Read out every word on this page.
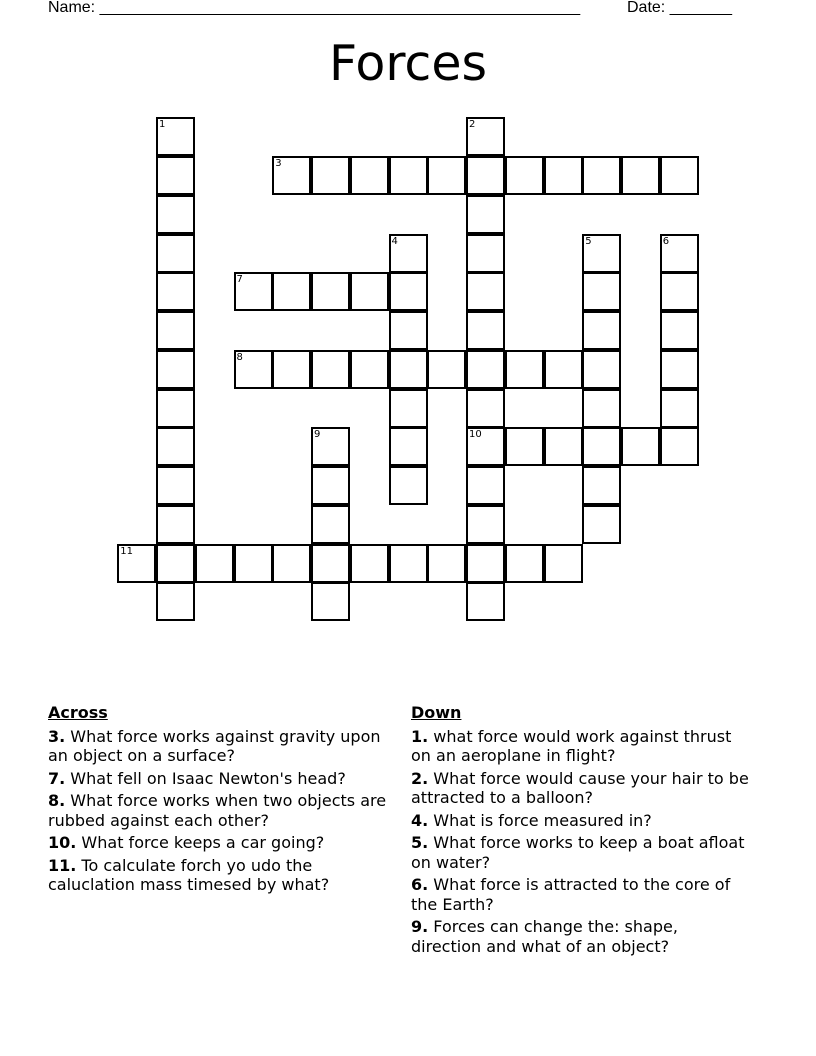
Name: ______________________________________________________	Date: _______
Forces
1	2
10
3
4	5	6
7
8
9
11
Across
3. What force works against gravity upon an object on a surface?
7. What fell on Isaac Newton's head?
8. What force works when two objects are rubbed against each other?
10. What force keeps a car going?
11. To calculate forch yo udo the caluclation mass timesed by what?
Down
1. what force would work against thrust on an aeroplane in flight?
2. What force would cause your hair to be attracted to a balloon?
4. What is force measured in?
5. What force works to keep a boat afloat on water?
6. What force is attracted to the core of the Earth?
9. Forces can change the: shape, direction and what of an object?
